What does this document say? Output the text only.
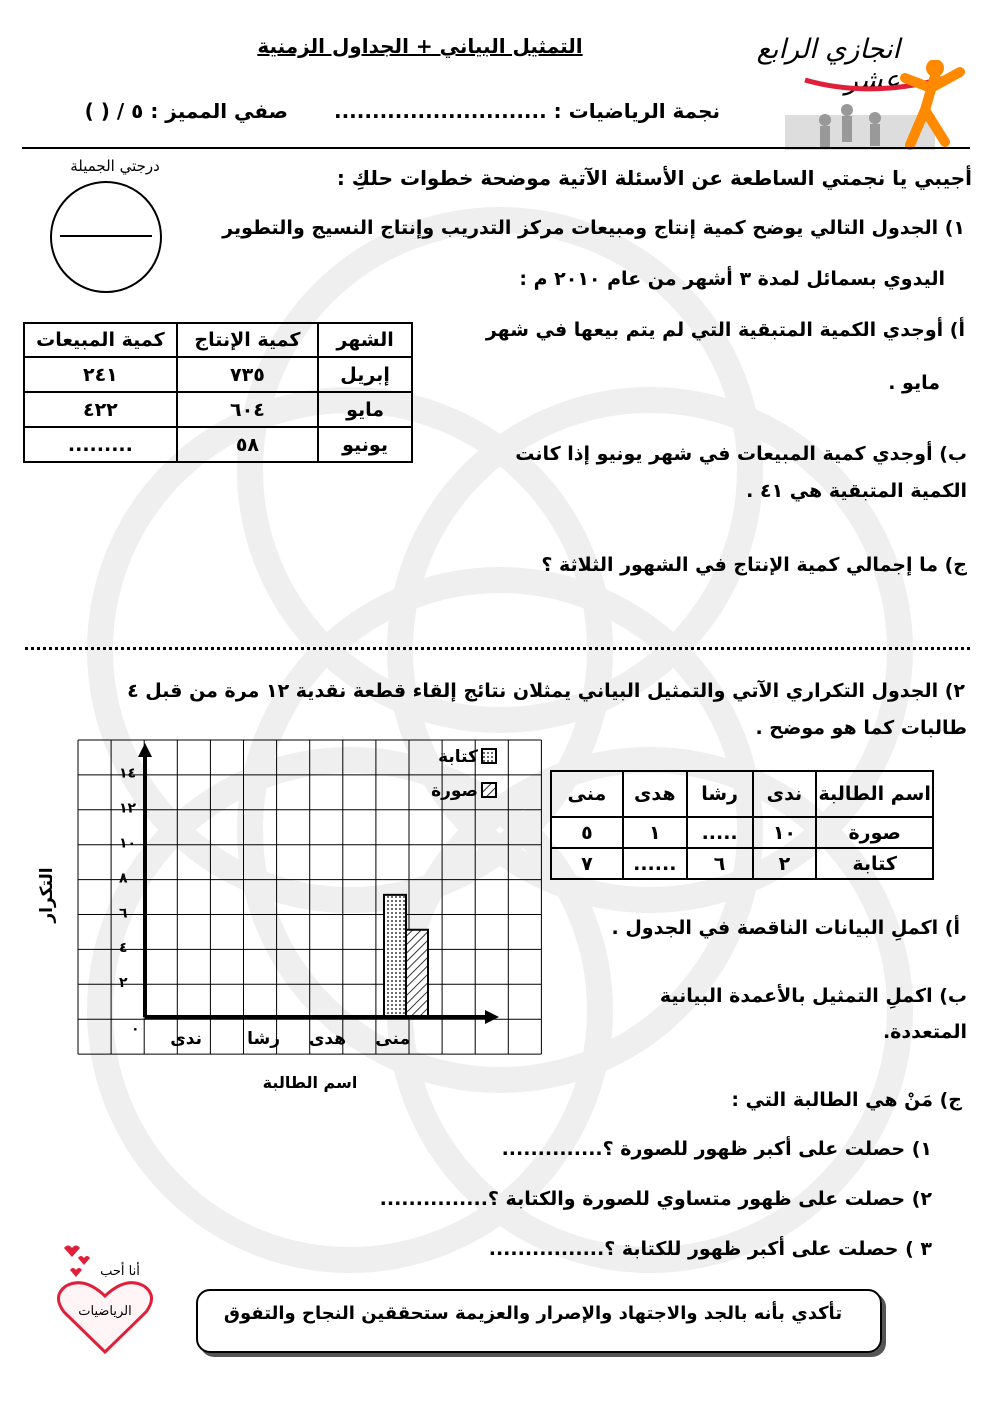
التمثيل البياني + الجداول الزمنية	انجازي الرابع عشر
نجمة الرياضيات : ............................
صفي المميز : ٥ / ( )
درجتي الجميلة	أجيبي يا نجمتي الساطعة عن الأسئلة الآتية موضحة خطوات حلكِ :
١) الجدول التالي يوضح كمية إنتاج ومبيعات مركز التدريب وإنتاج النسيج والتطوير
اليدوي بسمائل لمدة ٣ أشهر من عام ٢٠١٠ م :
أ) أوجدي الكمية المتبقية التي لم يتم بيعها في شهر
مايو .
ب) أوجدي كمية المبيعات في شهر يونيو إذا كانت
الكمية المتبقية هي ٤١ .
ج) ما إجمالي كمية الإنتاج في الشهور الثلاثة ؟
الشهر	كمية الإنتاج	كمية المبيعات
إبريل	٧٣٥	٢٤١
مايو	٦٠٤	٤٢٢
يونيو	٥٨	.........
٢) الجدول التكراري الآتي والتمثيل البياني يمثلان نتائج إلقاء قطعة نقدية ١٢ مرة من قبل ٤
طالبات كما هو موضح .
اسم الطالبة	ندى	رشا	هدى	منى
صورة	١٠	.....	١	٥
كتابة	٢	٦	......	٧
٠
٢
٤
٦
٨
١٠
١٢
١٤
ندى	رشا هدى منى
كتابة
صورة
التكرار
اسم الطالبة
أ) اكملِ البيانات الناقصة في الجدول .
ب) اكملِ التمثيل بالأعمدة البيانية
المتعددة.
ج) مَنْ هي الطالبة التي :
١) حصلت على أكبر ظهور للصورة ؟..............
٢) حصلت على ظهور متساوي للصورة والكتابة ؟...............
٣ ) حصلت على أكبر ظهور للكتابة ؟................
تأكدي بأنه بالجد والاجتهاد والإصرار والعزيمة ستحققين النجاح والتفوق
أنا أحب
الرياضيات
